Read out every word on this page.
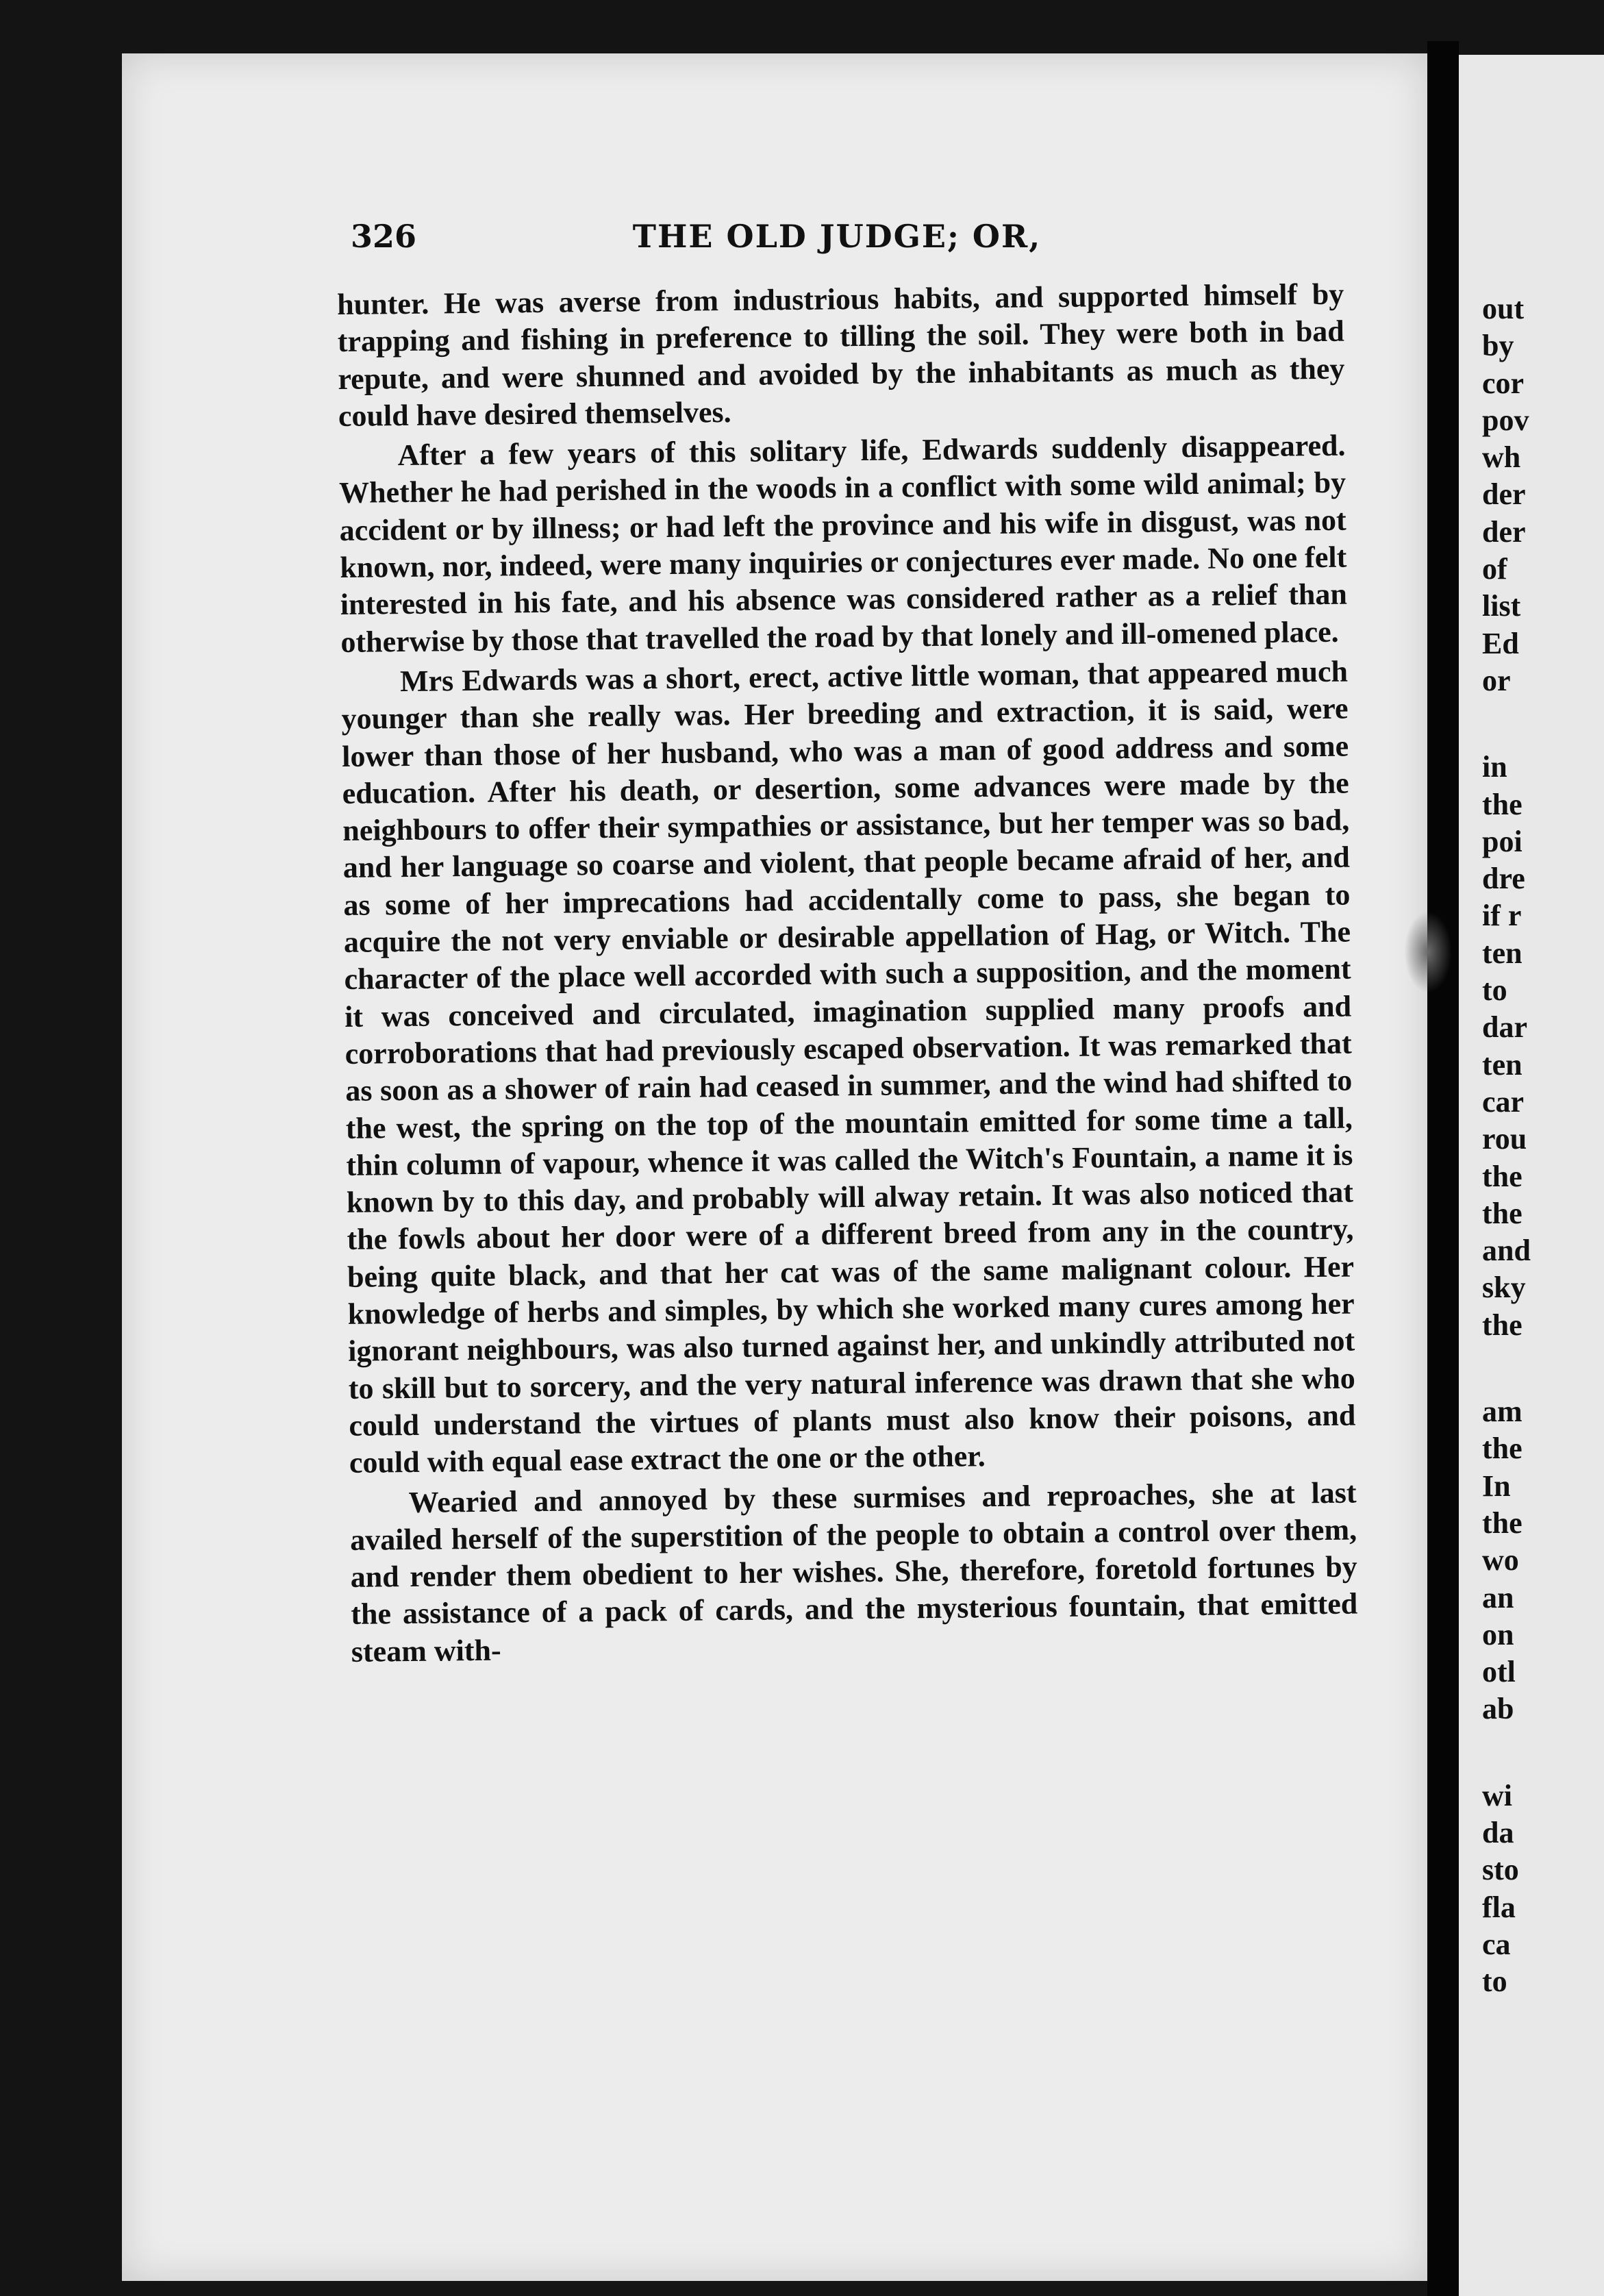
326	THE OLD JUDGE; OR,

hunter. He was averse from industrious habits, and supported himself by trapping and fishing in preference to tilling the soil. They were both in bad repute, and were shunned and avoided by the inhabitants as much as they could have desired themselves.

After a few years of this solitary life, Edwards suddenly disappeared. Whether he had perished in the woods in a conflict with some wild animal; by accident or by illness; or had left the province and his wife in disgust, was not known, nor, indeed, were many inquiries or conjectures ever made. No one felt interested in his fate, and his absence was considered rather as a relief than otherwise by those that travelled the road by that lonely and ill-omened place.

Mrs Edwards was a short, erect, active little woman, that appeared much younger than she really was. Her breeding and extraction, it is said, were lower than those of her husband, who was a man of good address and some education. After his death, or desertion, some advances were made by the neighbours to offer their sympathies or assistance, but her temper was so bad, and her language so coarse and violent, that people became afraid of her, and as some of her imprecations had accidentally come to pass, she began to acquire the not very enviable or desirable appellation of Hag, or Witch. The character of the place well accorded with such a supposition, and the moment it was conceived and circulated, imagination supplied many proofs and corroborations that had previously escaped observation. It was remarked that as soon as a shower of rain had ceased in summer, and the wind had shifted to the west, the spring on the top of the mountain emitted for some time a tall, thin column of vapour, whence it was called the Witch's Fountain, a name it is known by to this day, and probably will alway retain. It was also noticed that the fowls about her door were of a different breed from any in the country, being quite black, and that her cat was of the same malignant colour. Her knowledge of herbs and simples, by which she worked many cures among her ignorant neighbours, was also turned against her, and unkindly attributed not to skill but to sorcery, and the very natural inference was drawn that she who could understand the virtues of plants must also know their poisons, and could with equal ease extract the one or the other.

Wearied and annoyed by these surmises and reproaches, she at last availed herself of the superstition of the people to obtain a control over them, and render them obedient to her wishes. She, therefore, foretold fortunes by the assistance of a pack of cards, and the mysterious fountain, that emitted steam with-

out
by
cor
pov
wh
der
der
of
list
Ed
or
in
the
poi
dre
if r
ten
to
dar
ten
car
rou
the
the
and
sky
the
am
the
In
the
wo
an
on
otl
ab
wi
da
sto
fla
ca
to
